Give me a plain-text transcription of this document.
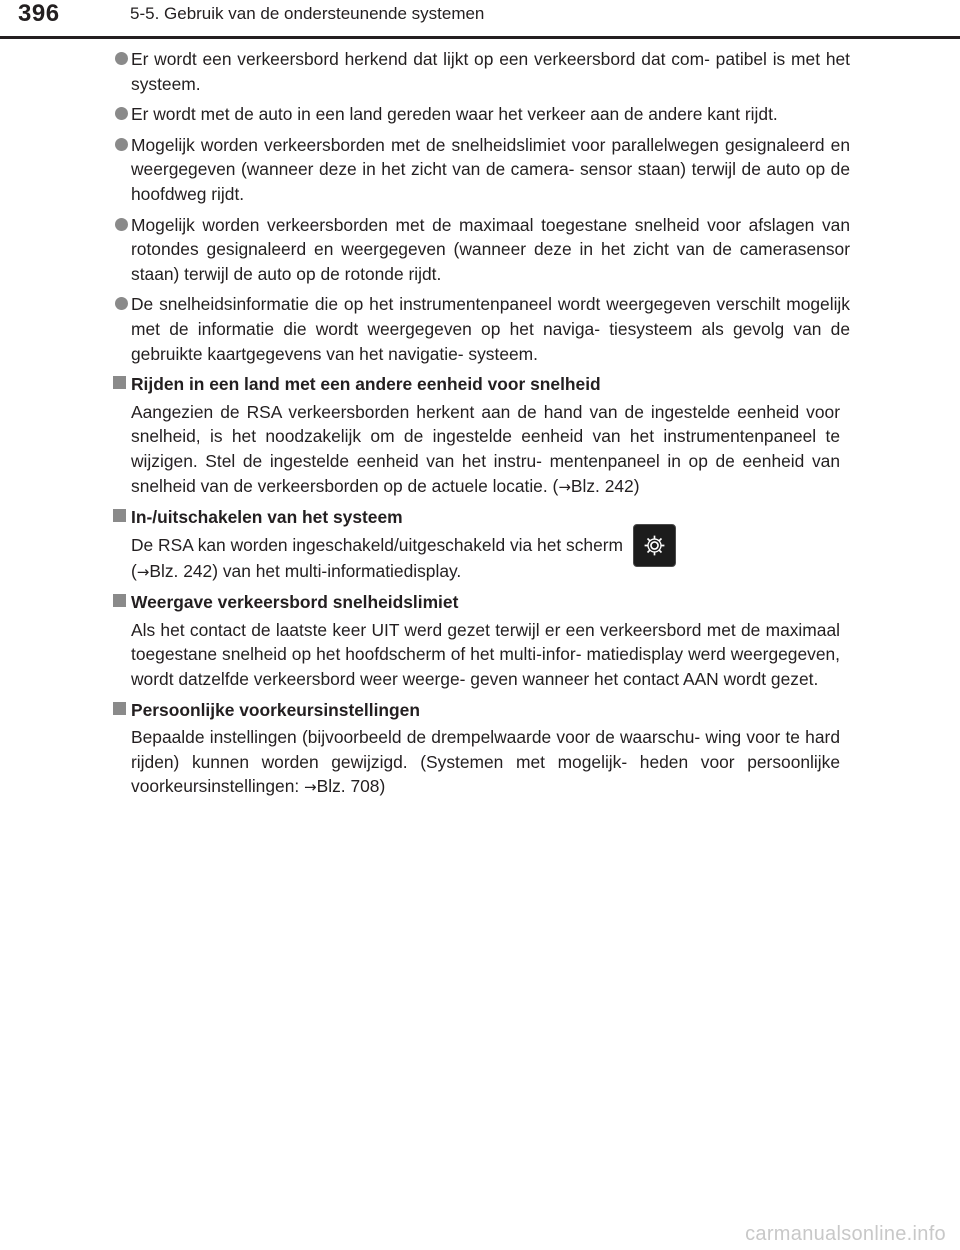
396	5-5. Gebruik van de ondersteunende systemen
Er wordt een verkeersbord herkend dat lijkt op een verkeersbord dat com- patibel is met het systeem.
Er wordt met de auto in een land gereden waar het verkeer aan de andere kant rijdt.
Mogelijk worden verkeersborden met de snelheidslimiet voor parallelwegen gesignaleerd en weergegeven (wanneer deze in het zicht van de camera- sensor staan) terwijl de auto op de hoofdweg rijdt.
Mogelijk worden verkeersborden met de maximaal toegestane snelheid voor afslagen van rotondes gesignaleerd en weergegeven (wanneer deze in het zicht van de camerasensor staan) terwijl de auto op de rotonde rijdt.
De snelheidsinformatie die op het instrumentenpaneel wordt weergegeven verschilt mogelijk met de informatie die wordt weergegeven op het naviga- tiesysteem als gevolg van de gebruikte kaartgegevens van het navigatie- systeem.
Rijden in een land met een andere eenheid voor snelheid
Aangezien de RSA verkeersborden herkent aan de hand van de ingestelde eenheid voor snelheid, is het noodzakelijk om de ingestelde eenheid van het instrumentenpaneel te wijzigen. Stel de ingestelde eenheid van het instru- mentenpaneel in op de eenheid van snelheid van de verkeersborden op de actuele locatie. (→Blz. 242)
In-/uitschakelen van het systeem
De RSA kan worden ingeschakeld/uitgeschakeld via het scherm

(→Blz. 242) van het multi-informatiedisplay.
Weergave verkeersbord snelheidslimiet
Als het contact de laatste keer UIT werd gezet terwijl er een verkeersbord met de maximaal toegestane snelheid op het hoofdscherm of het multi-infor- matiedisplay werd weergegeven, wordt datzelfde verkeersbord weer weerge- geven wanneer het contact AAN wordt gezet.
Persoonlijke voorkeursinstellingen
Bepaalde instellingen (bijvoorbeeld de drempelwaarde voor de waarschu- wing voor te hard rijden) kunnen worden gewijzigd. (Systemen met mogelijk- heden voor persoonlijke voorkeursinstellingen: →Blz. 708)
carmanualsonline.info
